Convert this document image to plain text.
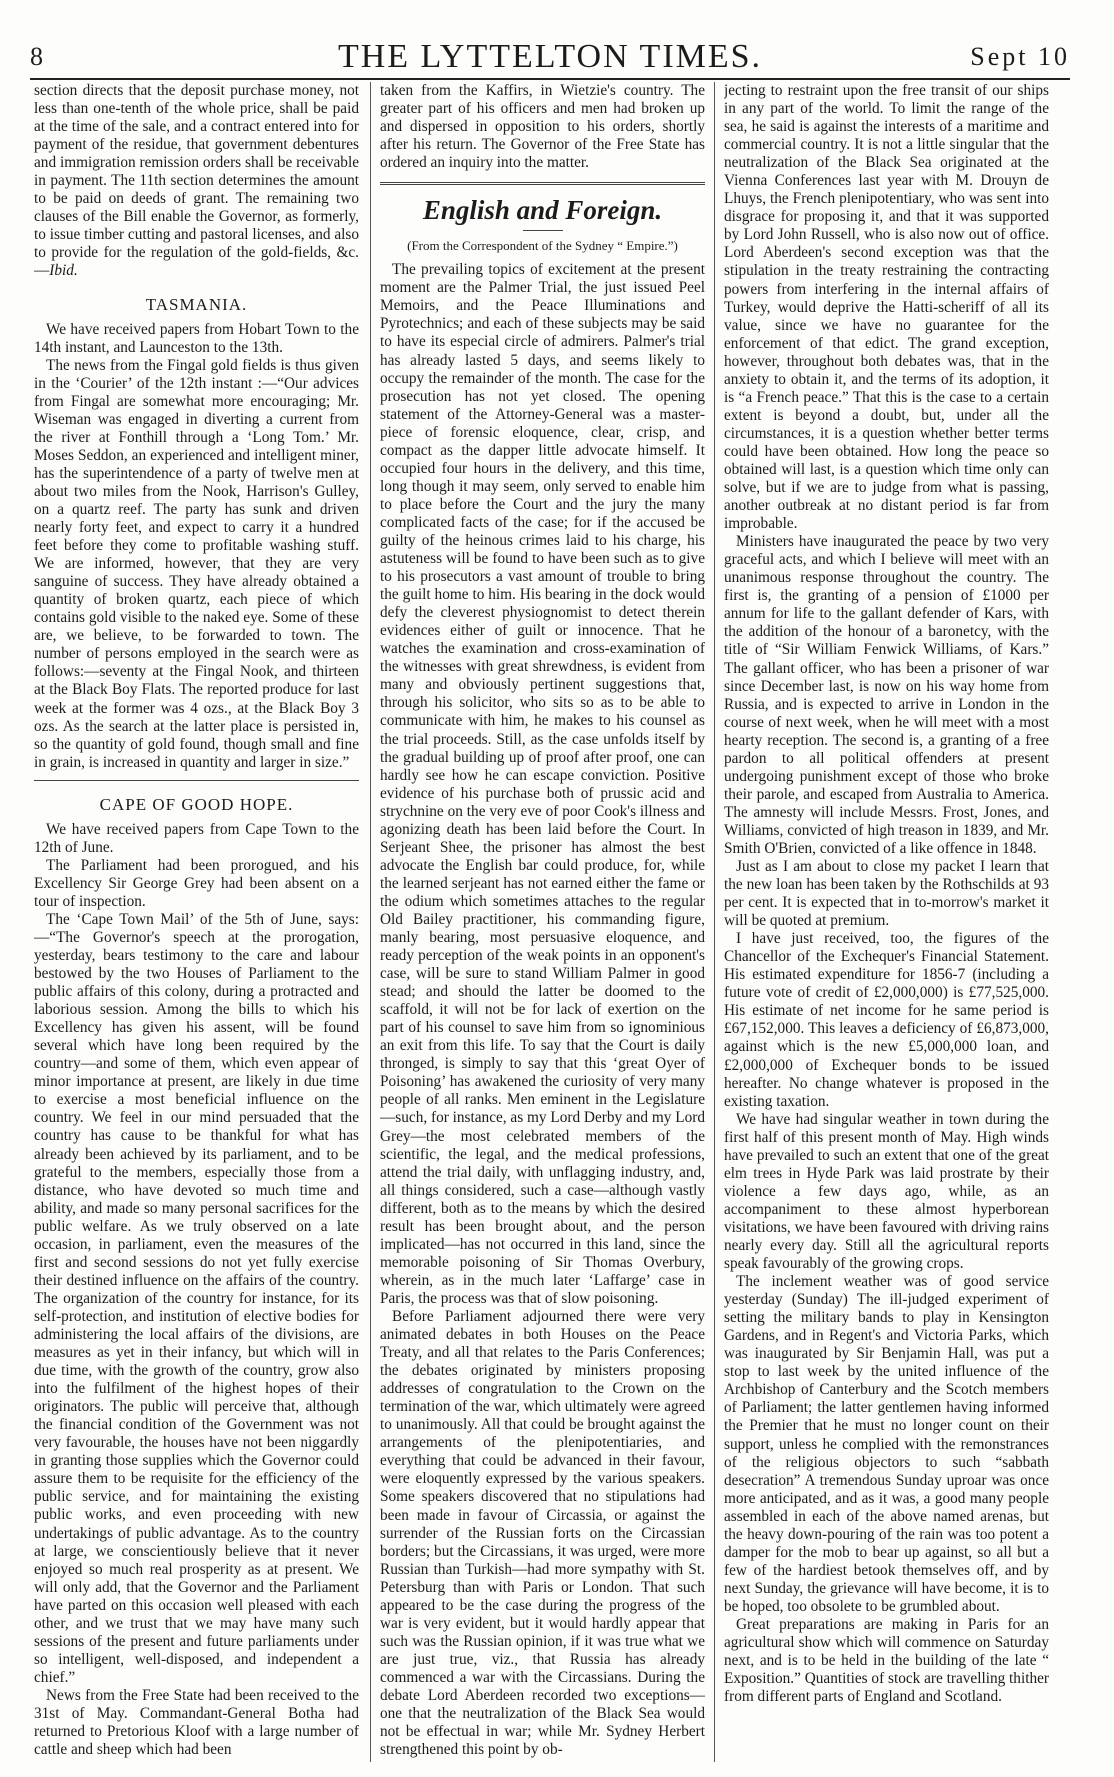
8	THE LYTTELTON TIMES.	Sept 10

section directs that the deposit purchase money, not less than one-tenth of the whole price, shall be paid at the time of the sale, and a contract entered into for payment of the residue, that government debentures and immigration remission orders shall be receivable in payment. The 11th section determines the amount to be paid on deeds of grant. The remaining two clauses of the Bill enable the Governor, as formerly, to issue timber cutting and pastoral licenses, and also to provide for the regulation of the gold-fields, &c.—Ibid.

TASMANIA.

We have received papers from Hobart Town to the 14th instant, and Launceston to the 13th.

The news from the Fingal gold fields is thus given in the ‘Courier’ of the 12th instant :—“Our advices from Fingal are somewhat more encouraging; Mr. Wiseman was engaged in diverting a current from the river at Fonthill through a ‘Long Tom.’ Mr. Moses Seddon, an experienced and intelligent miner, has the superintendence of a party of twelve men at about two miles from the Nook, Harrison's Gulley, on a quartz reef. The party has sunk and driven nearly forty feet, and expect to carry it a hundred feet before they come to profitable washing stuff. We are informed, however, that they are very sanguine of success. They have already obtained a quantity of broken quartz, each piece of which contains gold visible to the naked eye. Some of these are, we believe, to be forwarded to town. The number of persons employed in the search were as follows:—seventy at the Fingal Nook, and thirteen at the Black Boy Flats. The reported produce for last week at the former was 4 ozs., at the Black Boy 3 ozs. As the search at the latter place is persisted in, so the quantity of gold found, though small and fine in grain, is increased in quantity and larger in size.”

CAPE OF GOOD HOPE.

We have received papers from Cape Town to the 12th of June.

The Parliament had been prorogued, and his Excellency Sir George Grey had been absent on a tour of inspection.

The ‘Cape Town Mail’ of the 5th of June, says:—“The Governor's speech at the prorogation, yesterday, bears testimony to the care and labour bestowed by the two Houses of Parliament to the public affairs of this colony, during a protracted and laborious session. Among the bills to which his Excellency has given his assent, will be found several which have long been required by the country—and some of them, which even appear of minor importance at present, are likely in due time to exercise a most beneficial influence on the country. We feel in our mind persuaded that the country has cause to be thankful for what has already been achieved by its parliament, and to be grateful to the members, especially those from a distance, who have devoted so much time and ability, and made so many personal sacrifices for the public welfare. As we truly observed on a late occasion, in parliament, even the measures of the first and second sessions do not yet fully exercise their destined influence on the affairs of the country. The organization of the country for instance, for its self-protection, and institution of elective bodies for administering the local affairs of the divisions, are measures as yet in their infancy, but which will in due time, with the growth of the country, grow also into the fulfilment of the highest hopes of their originators. The public will perceive that, although the financial condition of the Government was not very favourable, the houses have not been niggardly in granting those supplies which the Governor could assure them to be requisite for the efficiency of the public service, and for maintaining the existing public works, and even proceeding with new undertakings of public advantage. As to the country at large, we conscientiously believe that it never enjoyed so much real prosperity as at present. We will only add, that the Governor and the Parliament have parted on this occasion well pleased with each other, and we trust that we may have many such sessions of the present and future parliaments under so intelligent, well-disposed, and independent a chief.”

News from the Free State had been received to the 31st of May. Commandant-General Botha had returned to Pretorious Kloof with a large number of cattle and sheep which had been

taken from the Kaffirs, in Wietzie's country. The greater part of his officers and men had broken up and dispersed in opposition to his orders, shortly after his return. The Governor of the Free State has ordered an inquiry into the matter.

English and Foreign.

(From the Correspondent of the Sydney “ Empire.”)

The prevailing topics of excitement at the present moment are the Palmer Trial, the just issued Peel Memoirs, and the Peace Illuminations and Pyrotechnics; and each of these subjects may be said to have its especial circle of admirers. Palmer's trial has already lasted 5 days, and seems likely to occupy the remainder of the month. The case for the prosecution has not yet closed. The opening statement of the Attorney-General was a master-piece of forensic eloquence, clear, crisp, and compact as the dapper little advocate himself. It occupied four hours in the delivery, and this time, long though it may seem, only served to enable him to place before the Court and the jury the many complicated facts of the case; for if the accused be guilty of the heinous crimes laid to his charge, his astuteness will be found to have been such as to give to his prosecutors a vast amount of trouble to bring the guilt home to him. His bearing in the dock would defy the cleverest physiognomist to detect therein evidences either of guilt or innocence. That he watches the examination and cross-examination of the witnesses with great shrewdness, is evident from many and obviously pertinent suggestions that, through his solicitor, who sits so as to be able to communicate with him, he makes to his counsel as the trial proceeds. Still, as the case unfolds itself by the gradual building up of proof after proof, one can hardly see how he can escape conviction. Positive evidence of his purchase both of prussic acid and strychnine on the very eve of poor Cook's illness and agonizing death has been laid before the Court. In Serjeant Shee, the prisoner has almost the best advocate the English bar could produce, for, while the learned serjeant has not earned either the fame or the odium which sometimes attaches to the regular Old Bailey practitioner, his commanding figure, manly bearing, most persuasive eloquence, and ready perception of the weak points in an opponent's case, will be sure to stand William Palmer in good stead; and should the latter be doomed to the scaffold, it will not be for lack of exertion on the part of his counsel to save him from so ignominious an exit from this life. To say that the Court is daily thronged, is simply to say that this ‘great Oyer of Poisoning’ has awakened the curiosity of very many people of all ranks. Men eminent in the Legislature—such, for instance, as my Lord Derby and my Lord Grey—the most celebrated members of the scientific, the legal, and the medical professions, attend the trial daily, with unflagging industry, and, all things considered, such a case—although vastly different, both as to the means by which the desired result has been brought about, and the person implicated—has not occurred in this land, since the memorable poisoning of Sir Thomas Overbury, wherein, as in the much later ‘Laffarge’ case in Paris, the process was that of slow poisoning.

Before Parliament adjourned there were very animated debates in both Houses on the Peace Treaty, and all that relates to the Paris Conferences; the debates originated by ministers proposing addresses of congratulation to the Crown on the termination of the war, which ultimately were agreed to unanimously. All that could be brought against the arrangements of the plenipotentiaries, and everything that could be advanced in their favour, were eloquently expressed by the various speakers. Some speakers discovered that no stipulations had been made in favour of Circassia, or against the surrender of the Russian forts on the Circassian borders; but the Circassians, it was urged, were more Russian than Turkish—had more sympathy with St. Petersburg than with Paris or London. That such appeared to be the case during the progress of the war is very evident, but it would hardly appear that such was the Russian opinion, if it was true what we are just true, viz., that Russia has already commenced a war with the Circassians. During the debate Lord Aberdeen recorded two exceptions—one that the neutralization of the Black Sea would not be effectual in war; while Mr. Sydney Herbert strengthened this point by ob-

jecting to restraint upon the free transit of our ships in any part of the world. To limit the range of the sea, he said is against the interests of a maritime and commercial country. It is not a little singular that the neutralization of the Black Sea originated at the Vienna Conferences last year with M. Drouyn de Lhuys, the French plenipotentiary, who was sent into disgrace for proposing it, and that it was supported by Lord John Russell, who is also now out of office. Lord Aberdeen's second exception was that the stipulation in the treaty restraining the contracting powers from interfering in the internal affairs of Turkey, would deprive the Hatti-scheriff of all its value, since we have no guarantee for the enforcement of that edict. The grand exception, however, throughout both debates was, that in the anxiety to obtain it, and the terms of its adoption, it is “a French peace.” That this is the case to a certain extent is beyond a doubt, but, under all the circumstances, it is a question whether better terms could have been obtained. How long the peace so obtained will last, is a question which time only can solve, but if we are to judge from what is passing, another outbreak at no distant period is far from improbable.

Ministers have inaugurated the peace by two very graceful acts, and which I believe will meet with an unanimous response throughout the country. The first is, the granting of a pension of £1000 per annum for life to the gallant defender of Kars, with the addition of the honour of a baronetcy, with the title of “Sir William Fenwick Williams, of Kars.” The gallant officer, who has been a prisoner of war since December last, is now on his way home from Russia, and is expected to arrive in London in the course of next week, when he will meet with a most hearty reception. The second is, a granting of a free pardon to all political offenders at present undergoing punishment except of those who broke their parole, and escaped from Australia to America. The amnesty will include Messrs. Frost, Jones, and Williams, convicted of high treason in 1839, and Mr. Smith O'Brien, convicted of a like offence in 1848.

Just as I am about to close my packet I learn that the new loan has been taken by the Rothschilds at 93 per cent. It is expected that in to-morrow's market it will be quoted at premium.

I have just received, too, the figures of the Chancellor of the Exchequer's Financial Statement. His estimated expenditure for 1856-7 (including a future vote of credit of £2,000,000) is £77,525,000. His estimate of net income for he same period is £67,152,000. This leaves a deficiency of £6,873,000, against which is the new £5,000,000 loan, and £2,000,000 of Exchequer bonds to be issued hereafter. No change whatever is proposed in the existing taxation.

We have had singular weather in town during the first half of this present month of May. High winds have prevailed to such an extent that one of the great elm trees in Hyde Park was laid prostrate by their violence a few days ago, while, as an accompaniment to these almost hyperborean visitations, we have been favoured with driving rains nearly every day. Still all the agricultural reports speak favourably of the growing crops.

The inclement weather was of good service yesterday (Sunday) The ill-judged experiment of setting the military bands to play in Kensington Gardens, and in Regent's and Victoria Parks, which was inaugurated by Sir Benjamin Hall, was put a stop to last week by the united influence of the Archbishop of Canterbury and the Scotch members of Parliament; the latter gentlemen having informed the Premier that he must no longer count on their support, unless he complied with the remonstrances of the religious objectors to such “sabbath desecration” A tremendous Sunday uproar was once more anticipated, and as it was, a good many people assembled in each of the above named arenas, but the heavy down-pouring of the rain was too potent a damper for the mob to bear up against, so all but a few of the hardiest betook themselves off, and by next Sunday, the grievance will have become, it is to be hoped, too obsolete to be grumbled about.

Great preparations are making in Paris for an agricultural show which will commence on Saturday next, and is to be held in the building of the late “ Exposition.” Quantities of stock are travelling thither from different parts of England and Scotland.
